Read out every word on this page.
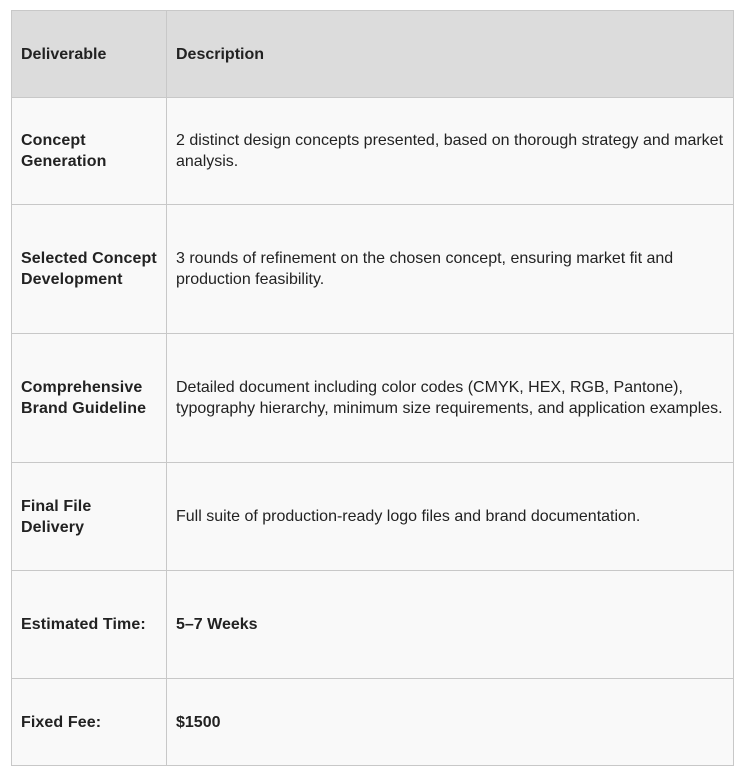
Deliverable	Description
Concept Generation	2 distinct design concepts presented, based on thorough strategy and market analysis.
Selected Concept Development	3 rounds of refinement on the chosen concept, ensuring market fit and production feasibility.
Comprehensive Brand Guideline	Detailed document including color codes (CMYK, HEX, RGB, Pantone), typography hierarchy, minimum size requirements, and application examples.
Final File Delivery	Full suite of production-ready logo files and brand documentation.
Estimated Time:	5–7 Weeks
Fixed Fee:	$1500
